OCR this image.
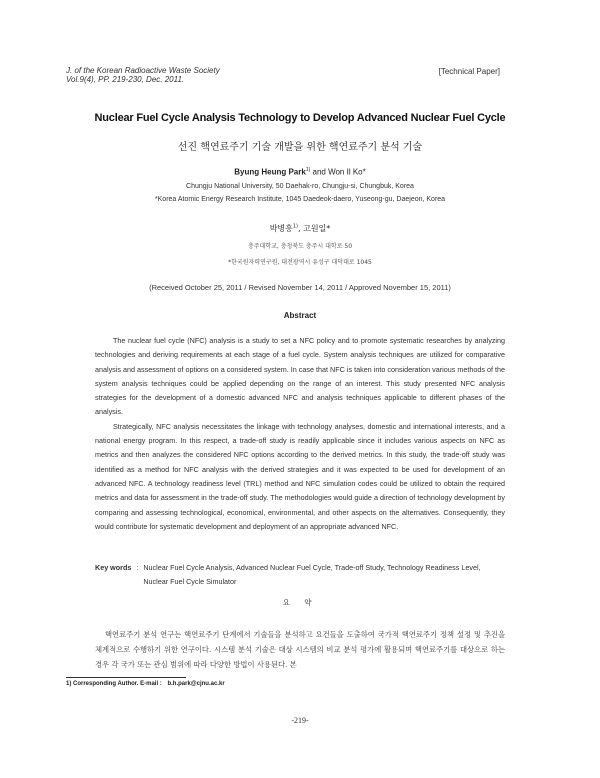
J. of the Korean Radioactive Waste Society
Vol.9(4), PP. 219-230, Dec. 2011.
[Technical Paper]
Nuclear Fuel Cycle Analysis Technology to Develop Advanced Nuclear Fuel Cycle
선진 핵연료주기 기술 개발을 위한 핵연료주기 분석 기술
Byung Heung Park$^{1)}$ and Won Il Ko*
Chungju National University, 50 Daehak-ro, Chungju-si, Chungbuk, Korea
*Korea Atomic Energy Research Institute, 1045 Daedeok-daero, Yuseong-gu, Daejeon, Korea
박병흥$^{1)}$, 고원일*
충주대학교, 충청북도 충주시 대학로 50
*한국원자력연구원, 대전광역시 유성구 대덕대로 1045
(Received October 25, 2011 / Revised November 14, 2011 / Approved November 15, 2011)
Abstract

The nuclear fuel cycle (NFC) analysis is a study to set a NFC policy and to promote systematic researches by analyzing technologies and deriving requirements at each stage of a fuel cycle. System analysis techniques are utilized for comparative analysis and assessment of options on a considered system. In case that NFC is taken into consideration various methods of the system analysis techniques could be applied depending on the range of an interest. This study presented NFC analysis strategies for the development of a domestic advanced NFC and analysis techniques applicable to different phases of the analysis.

Strategically, NFC analysis necessitates the linkage with technology analyses, domestic and international interests, and a national energy program. In this respect, a trade-off study is readily applicable since it includes various aspects on NFC as metrics and then analyzes the considered NFC options according to the derived metrics. In this study, the trade-off study was identified as a method for NFC analysis with the derived strategies and it was expected to be used for development of an advanced NFC. A technology readiness level (TRL) method and NFC simulation codes could be utilized to obtain the required metrics and data for assessment in the trade-off study. The methodologies would guide a direction of technology development by comparing and assessing technological, economical, environmental, and other aspects on the alternatives. Consequently, they would contribute for systematic development and deployment of an appropriate advanced NFC.

Key words : Nuclear Fuel Cycle Analysis, Advanced Nuclear Fuel Cycle, Trade-off Study, Technology Readiness Level, Nuclear Fuel Cycle Simulator
요 약

핵연료주기 분석 연구는 핵연료주기 단계에서 기술들을 분석하고 요건들을 도출하여 국가적 핵연료주기 정책 설정 및 추진을 체계적으로 수행하기 위한 연구이다. 시스템 분석 기술은 대상 시스템의 비교 분석 평가에 활용되며 핵연료주기를 대상으로 하는 경우 각 국가 또는 관심 범위에 따라 다양한 방법이 사용된다. 본

1) Corresponding Author. E-mail : b.h.park@cjnu.ac.kr
-219-
